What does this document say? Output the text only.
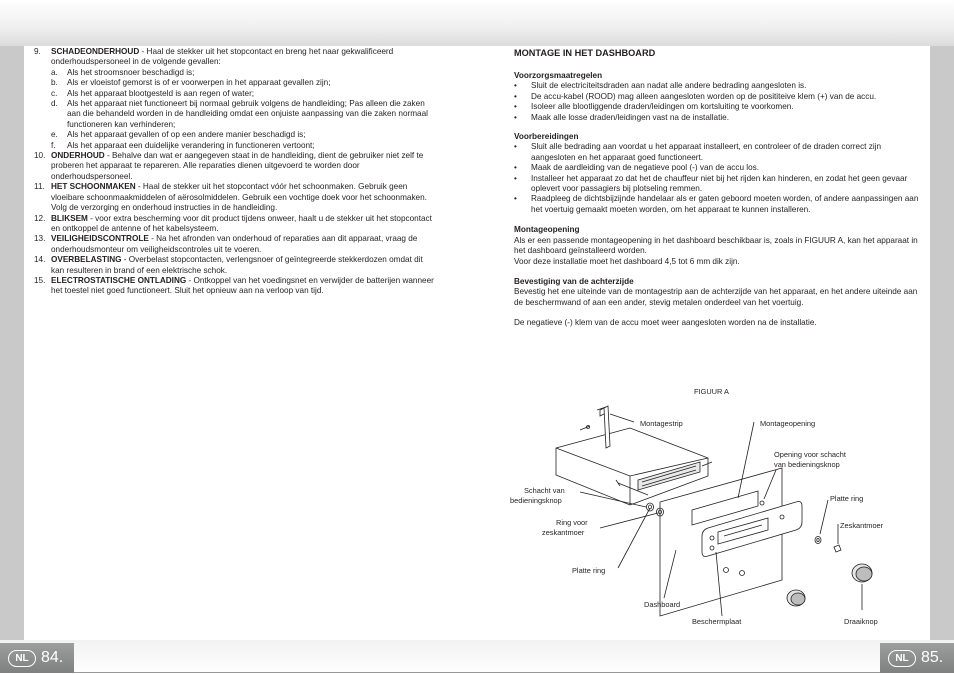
NL 84.	NL 85.
9.	SCHADEONDERHOUD - Haal de stekker uit het stopcontact en breng het naar gekwalificeerd onderhoudspersoneel in de volgende gevallen:
a.	Als het stroomsnoer beschadigd is;
b.	Als er vloeistof gemorst is of er voorwerpen in het apparaat gevallen zijn;
c.	Als het apparaat blootgesteld is aan regen of water;
d.	Als het apparaat niet functioneert bij normaal gebruik volgens de handleiding; Pas alleen die zaken aan die behandeld worden in de handleiding omdat een onjuiste aanpassing van die zaken normaal functioneren kan verhinderen;
e.	Als het apparaat gevallen of op een andere manier beschadigd is;
f.	Als het apparaat een duidelijke verandering in functioneren vertoont;
10. ONDERHOUD - Behalve dan wat er aangegeven staat in de handleiding, dient de gebruiker niet zelf te proberen het apparaat te repareren. Alle reparaties dienen uitgevoerd te worden door onderhoudspersoneel.
11. HET SCHOONMAKEN - Haal de stekker uit het stopcontact vóór het schoonmaken. Gebruik geen vloeibare schoonmaakmiddelen of aërosolmiddelen. Gebruik een vochtige doek voor het schoonmaken. Volg de verzorging en onderhoud instructies in de handleiding.
12. BLIKSEM - voor extra bescherming voor dit product tijdens onweer, haalt u de stekker uit het stopcontact en ontkoppel de antenne of het kabelsysteem.
13. VEILIGHEIDSCONTROLE - Na het afronden van onderhoud of reparaties aan dit apparaat, vraag de onderhoudsmonteur om veiligheidscontroles uit te voeren.
14. OVERBELASTING - Overbelast stopcontacten, verlengsnoer of geïntegreerde stekkerdozen omdat dit kan resulteren in brand of een elektrische schok.
15. ELECTROSTATISCHE ONTLADING - Ontkoppel van het voedingsnet en verwijder de batterijen wanneer het toestel niet goed functioneert. Sluit het opnieuw aan na verloop van tijd.

MONTAGE IN HET DASHBOARD

Voorzorgsmaatregelen

•	Sluit de electriciteitsdraden aan nadat alle andere bedrading aangesloten is.
•	De accu-kabel (ROOD) mag alleen aangesloten worden op de posititeive klem (+) van de accu.
•	Isoleer alle blootliggende draden/leidingen om kortsluiting te voorkomen.
•	Maak alle losse draden/leidingen vast na de installatie.

Voorbereidingen

•	Sluit alle bedrading aan voordat u het apparaat installeert, en controleer of de draden correct zijn aangesloten en het apparaat goed functioneert.
•	Maak de aardleiding van de negatieve pool (-) van de accu los.
•	Installeer het apparaat zo dat het de chauffeur niet bij het rijden kan hinderen, en zodat het geen gevaar oplevert voor passagiers bij plotseling remmen.
•	Raadpleeg de dichtsbijzijnde handelaar als er gaten geboord moeten worden, of andere aanpassingen aan het voertuig gemaakt moeten worden, om het apparaat te kunnen installeren.

Montageopening

Als er een passende montageopening in het dashboard beschikbaar is, zoals in FIGUUR A, kan het apparaat in het dashboard geïnstalleerd worden.

Voor deze installatie moet het dashboard 4,5 tot 6 mm dik zijn.

Bevestiging van de achterzijde

Bevestig het ene uiteinde van de montagestrip aan de achterzijde van het apparaat, en het andere uiteinde aan de beschermwand of aan een ander, stevig metalen onderdeel van het voertuig.

De negatieve (-) klem van de accu moet weer aangesloten worden na de installatie.

FIGUUR A
Montagestrip	Montageopening
Opening voor schacht
van bedieningsknop
Schacht van
bedieningsknop	Platte ring
Ring voor
zeskantmoer
Zeskantmoer
Platte ring
Dashboard
Beschermplaat	Draaiknop
